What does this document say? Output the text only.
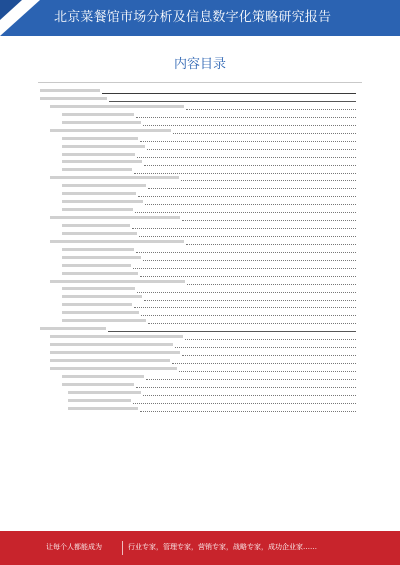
北京菜餐馆市场分析及信息数字化策略研究报告
内容目录
让每个人都能成为	行业专家，管理专家，营销专家，战略专家，成功企业家……
